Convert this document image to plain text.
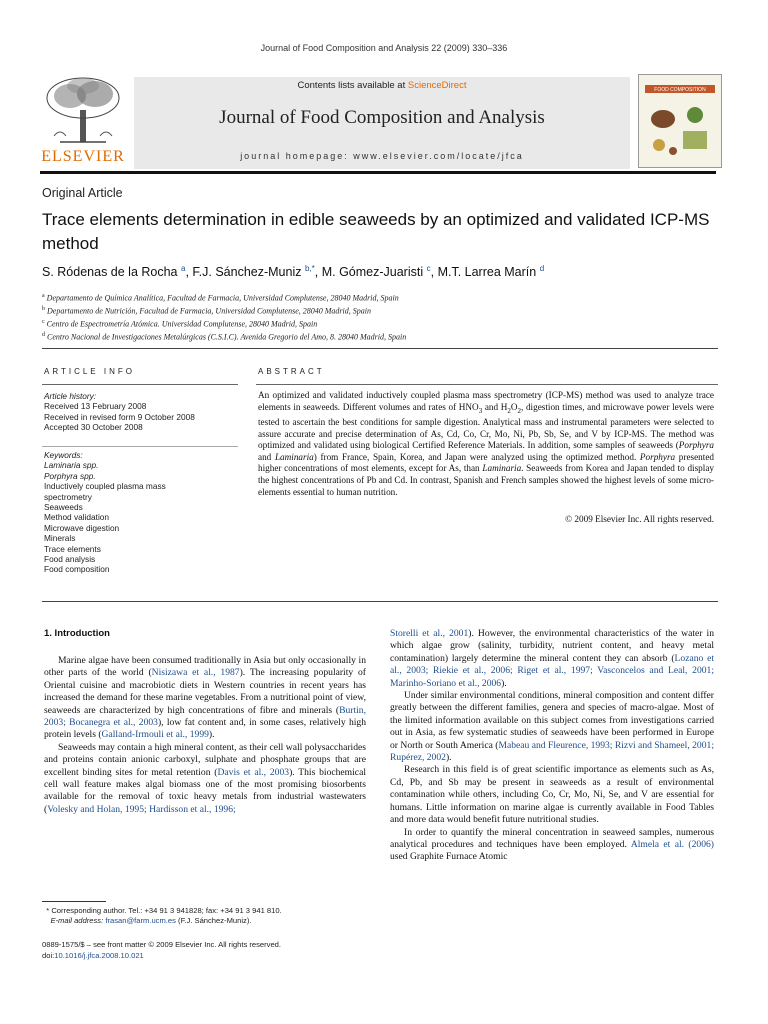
Journal of Food Composition and Analysis 22 (2009) 330–336
ELSEVIER
Contents lists available at ScienceDirect
Journal of Food Composition and Analysis
journal homepage: www.elsevier.com/locate/jfca
FOOD COMPOSITION
Original Article
Trace elements determination in edible seaweeds by an optimized and validated ICP-MS method
S. Ródenas de la Rocha $^a$, F.J. Sánchez-Muniz $^{b,*}$, M. Gómez-Juaristi $^c$, M.T. Larrea Marín $^d$
$^a$ Departamento de Química Analítica, Facultad de Farmacia, Universidad Complutense, 28040 Madrid, Spain
$^b$ Departamento de Nutrición, Facultad de Farmacia, Universidad Complutense, 28040 Madrid, Spain
$^c$ Centro de Espectrometría Atómica. Universidad Complutense, 28040 Madrid, Spain
$^d$ Centro Nacional de Investigaciones Metalúrgicas (C.S.I.C). Avenida Gregorio del Amo, 8. 28040 Madrid, Spain
ARTICLE INFO
Article history:
Received 13 February 2008
Received in revised form 9 October 2008
Accepted 30 October 2008
Keywords:
Laminaria spp.
Porphyra spp.
Inductively coupled plasma mass
spectrometry
Seaweeds
Method validation
Microwave digestion
Minerals
Trace elements
Food analysis
Food composition
ABSTRACT
An optimized and validated inductively coupled plasma mass spectrometry (ICP-MS) method was used to analyze trace elements in seaweeds. Different volumes and rates of $HNO_3$ and $H_2O_2$, digestion times, and microwave power levels were tested to ascertain the best conditions for sample digestion. Analytical mass and instrumental parameters were selected to assure accurate and precise determination of As, Cd, Co, Cr, Mo, Ni, Pb, Sb, Se, and V by ICP-MS. The method was optimized and validated using biological Certified Reference Materials. In addition, some samples of seaweeds (Porphyra and Laminaria) from France, Spain, Korea, and Japan were analyzed using the optimized method. Porphyra presented higher concentrations of most elements, except for As, than Laminaria. Seaweeds from Korea and Japan tended to display the highest concentrations of Pb and Cd. In contrast, Spanish and French samples showed the highest levels of some micro-elements essential to human nutrition.
© 2009 Elsevier Inc. All rights reserved.
1. Introduction

Marine algae have been consumed traditionally in Asia but only occasionally in other parts of the world (Nisizawa et al., 1987). The increasing popularity of Oriental cuisine and macrobiotic diets in Western countries in recent years has increased the demand for these marine vegetables. From a nutritional point of view, seaweeds are characterized by high concentrations of fibre and minerals (Burtin, 2003; Bocanegra et al., 2003), low fat content and, in some cases, relatively high protein levels (Galland-Irmouli et al., 1999).

Seaweeds may contain a high mineral content, as their cell wall polysaccharides and proteins contain anionic carboxyl, sulphate and phosphate groups that are excellent binding sites for metal retention (Davis et al., 2003). This biochemical cell wall feature makes algal biomass one of the most promising biosorbents available for the removal of toxic heavy metals from industrial wastewaters (Volesky and Holan, 1995; Hardisson et al., 1996;

Storelli et al., 2001). However, the environmental characteristics of the water in which algae grow (salinity, turbidity, nutrient content, and heavy metal contamination) largely determine the mineral content they can absorb (Lozano et al., 2003; Riekie et al., 2006; Riget et al., 1997; Vasconcelos and Leal, 2001; Marinho-Soriano et al., 2006).

Under similar environmental conditions, mineral composition and content differ greatly between the different families, genera and species of macro-algae. Most of the limited information available on this subject comes from investigations carried out in Asia, as few systematic studies of seaweeds have been performed in Europe or North or South America (Mabeau and Fleurence, 1993; Rizvi and Shameel, 2001; Rupérez, 2002).

Research in this field is of great scientific importance as elements such as As, Cd, Pb, and Sb may be present in seaweeds as a result of environmental contamination while others, including Co, Cr, Mo, Ni, Se, and V are essential for humans. Little information on marine algae is currently available in Food Tables and more data would benefit future nutritional studies.

In order to quantify the mineral concentration in seaweed samples, numerous analytical procedures and techniques have been employed. Almela et al. (2006) used Graphite Furnace Atomic

* Corresponding author. Tel.: +34 91 3 941828; fax: +34 91 3 941 810.
E-mail address: frasan@farm.ucm.es (F.J. Sánchez-Muniz).
0889-1575/$ – see front matter © 2009 Elsevier Inc. All rights reserved.
doi:10.1016/j.jfca.2008.10.021
